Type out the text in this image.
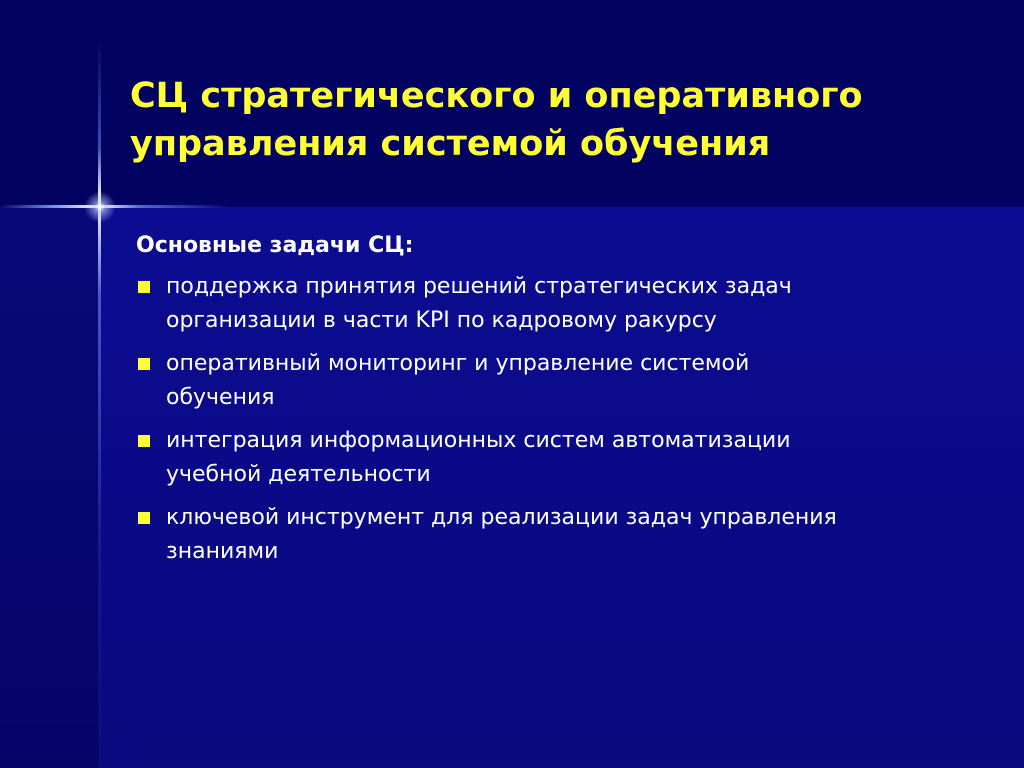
СЦ стратегического и оперативного
управления системой обучения

Основные задачи СЦ:

поддержка принятия решений стратегических задач
организации в части KPI по кадровому ракурсу
оперативный мониторинг и управление системой
обучения
интеграция информационных систем автоматизации
учебной деятельности
ключевой инструмент для реализации задач управления
знаниями
